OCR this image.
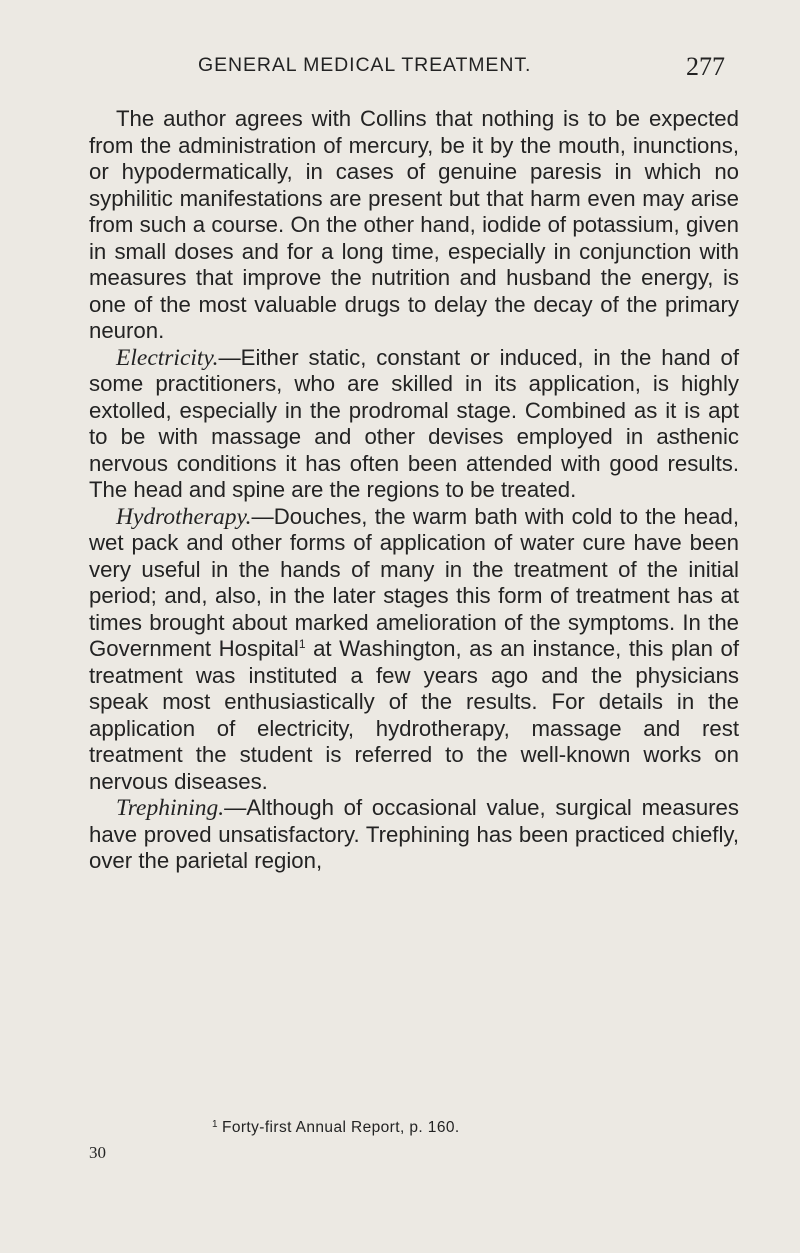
GENERAL MEDICAL TREATMENT.	277

The author agrees with Collins that nothing is to be expected from the administration of mercury, be it by the mouth, inunctions, or hypodermatically, in cases of genuine paresis in which no syphilitic manifestations are present but that harm even may arise from such a course. On the other hand, iodide of potassium, given in small doses and for a long time, especially in conjunction with measures that improve the nutrition and husband the energy, is one of the most valuable drugs to delay the decay of the primary neuron.

Electricity.—Either static, constant or induced, in the hand of some practitioners, who are skilled in its application, is highly extolled, especially in the prodromal stage. Combined as it is apt to be with massage and other devises employed in asthenic nervous conditions it has often been attended with good results. The head and spine are the regions to be treated.

Hydrotherapy.—Douches, the warm bath with cold to the head, wet pack and other forms of application of water cure have been very useful in the hands of many in the treatment of the initial period; and, also, in the later stages this form of treatment has at times brought about marked amelioration of the symptoms. In the Government Hospital$^1$ at Washington, as an instance, this plan of treatment was instituted a few years ago and the physicians speak most enthusiastically of the results. For details in the application of electricity, hydrotherapy, massage and rest treatment the student is referred to the well-known works on nervous diseases.

Trephining.—Although of occasional value, surgical measures have proved unsatisfactory. Trephining has been practiced chiefly, over the parietal region,

$^1$ Forty-first Annual Report, p. 160.
30
